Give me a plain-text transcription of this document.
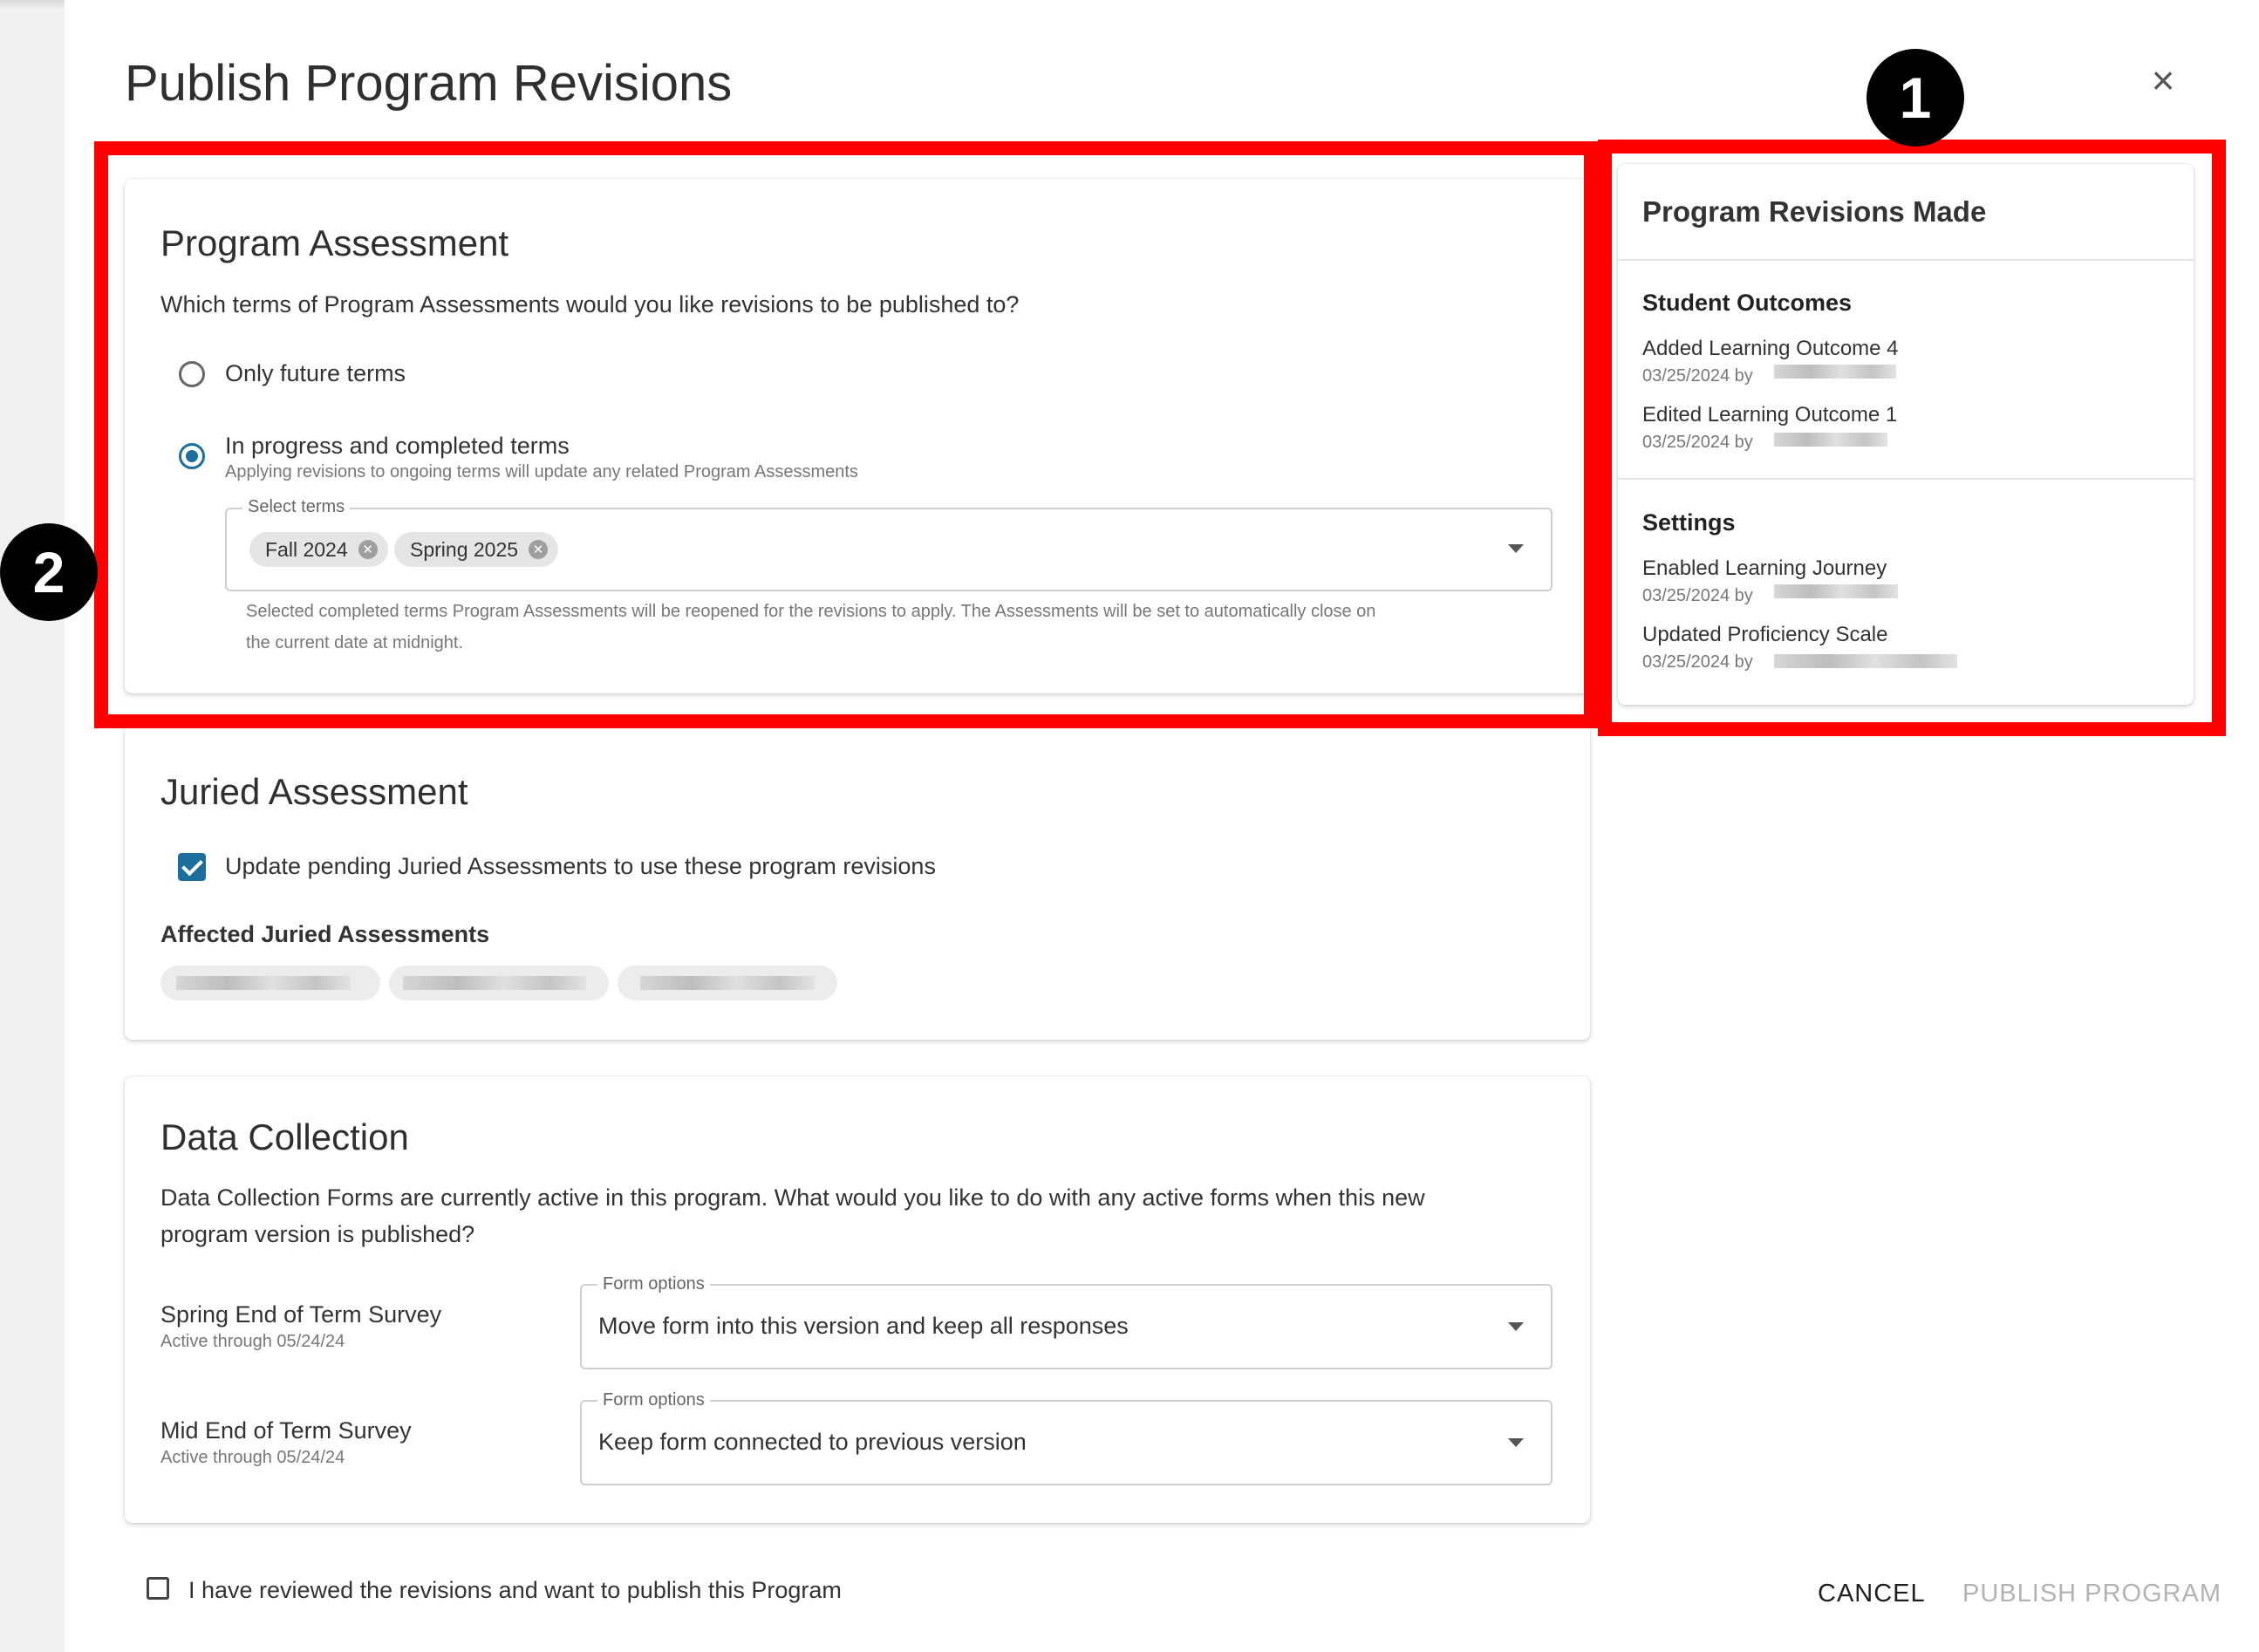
Publish Program Revisions	×
Program Assessment
Which terms of Program Assessments would you like revisions to be published to?
Only future terms
In progress and completed terms
Applying revisions to ongoing terms will update any related Program Assessments
Select terms
Fall 2024	✕ Spring 2025	✕
Selected completed terms Program Assessments will be reopened for the revisions to apply. The Assessments will be set to automatically close on
the current date at midnight.
Juried Assessment
Update pending Juried Assessments to use these program revisions
Affected Juried Assessments
Data Collection
Data Collection Forms are currently active in this program. What would you like to do with any active forms when this new
program version is published?
Spring End of Term Survey
Active through 05/24/24
Form options
Move form into this version and keep all responses
Mid End of Term Survey
Active through 05/24/24
Form options
Keep form connected to previous version
I have reviewed the revisions and want to publish this Program	CANCEL PUBLISH PROGRAM
Program Revisions Made
Student Outcomes
Added Learning Outcome 4
03/25/2024 by
Edited Learning Outcome 1
03/25/2024 by
Settings
Enabled Learning Journey
03/25/2024 by
Updated Proficiency Scale
03/25/2024 by
1
2
